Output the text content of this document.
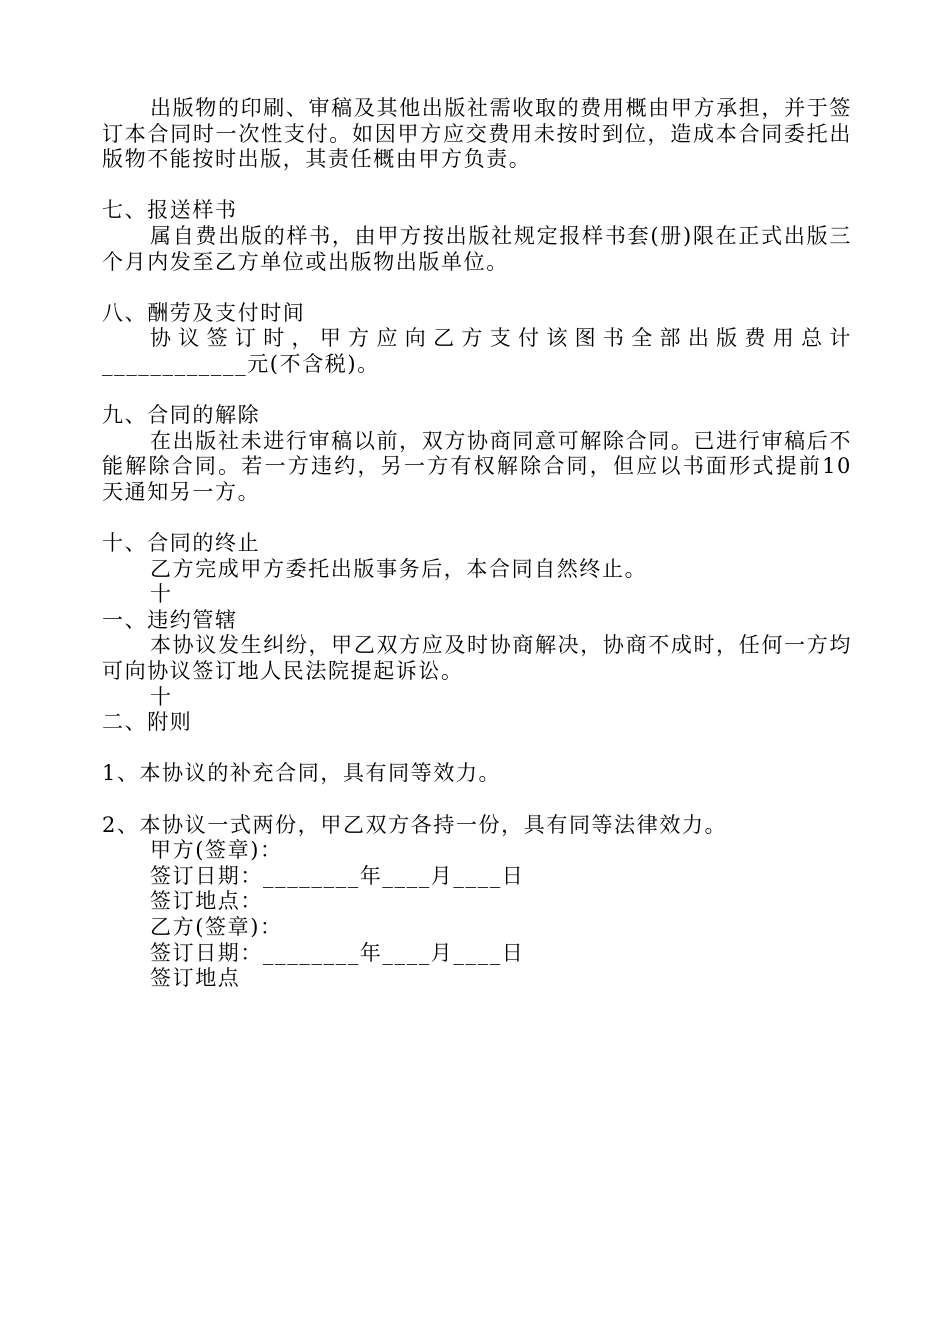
出版物的印刷、审稿及其他出版社需收取的费用概由甲方承担，并于签订本合同时一次性支付。如因甲方应交费用未按时到位，造成本合同委托出版物不能按时出版，其责任概由甲方负责。

七、报送样书

属自费出版的样书，由甲方按出版社规定报样书套(册)限在正式出版三个月内发至乙方单位或出版物出版单位。

八、酬劳及支付时间

协议签订时，甲方应向乙方支付该图书全部出版费用总计____________元(不含税)。

九、合同的解除

在出版社未进行审稿以前，双方协商同意可解除合同。已进行审稿后不能解除合同。若一方违约，另一方有权解除合同，但应以书面形式提前10天通知另一方。

十、合同的终止

乙方完成甲方委托出版事务后，本合同自然终止。

十

一、违约管辖

本协议发生纠纷，甲乙双方应及时协商解决，协商不成时，任何一方均可向协议签订地人民法院提起诉讼。

十

二、附则

1、本协议的补充合同，具有同等效力。

2、本协议一式两份，甲乙双方各持一份，具有同等法律效力。

甲方(签章)：

签订日期：________年____月____日

签订地点：

乙方(签章)：

签订日期：________年____月____日

签订地点
